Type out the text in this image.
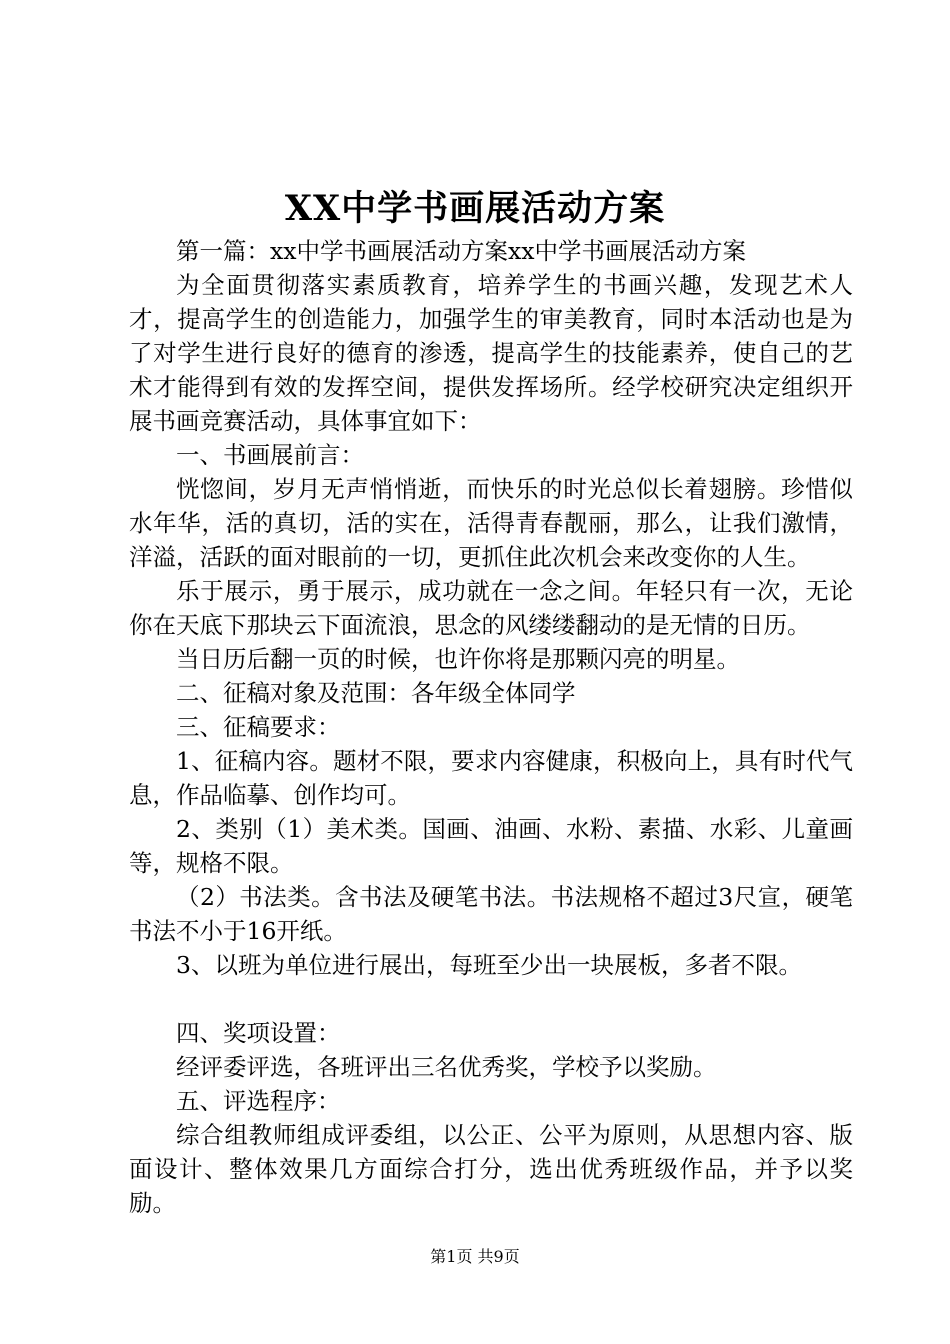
XX中学书画展活动方案

第一篇：xx中学书画展活动方案xx中学书画展活动方案

为全面贯彻落实素质教育，培养学生的书画兴趣，发现艺术人才，提高学生的创造能力，加强学生的审美教育，同时本活动也是为了对学生进行良好的德育的渗透，提高学生的技能素养，使自己的艺术才能得到有效的发挥空间，提供发挥场所。经学校研究决定组织开展书画竞赛活动，具体事宜如下：

一、书画展前言：

恍惚间，岁月无声悄悄逝，而快乐的时光总似长着翅膀。珍惜似水年华，活的真切，活的实在，活得青春靓丽，那么，让我们激情，洋溢，活跃的面对眼前的一切，更抓住此次机会来改变你的人生。

乐于展示，勇于展示，成功就在一念之间。年轻只有一次，无论你在天底下那块云下面流浪，思念的风缕缕翻动的是无情的日历。

当日历后翻一页的时候，也许你将是那颗闪亮的明星。

二、征稿对象及范围：各年级全体同学

三、征稿要求：

1、征稿内容。题材不限，要求内容健康，积极向上，具有时代气息，作品临摹、创作均可。

2、类别（1）美术类。国画、油画、水粉、素描、水彩、儿童画等，规格不限。

（2）书法类。含书法及硬笔书法。书法规格不超过3尺宣，硬笔书法不小于16开纸。

3、以班为单位进行展出，每班至少出一块展板，多者不限。

四、奖项设置：

经评委评选，各班评出三名优秀奖，学校予以奖励。

五、评选程序：

综合组教师组成评委组，以公正、公平为原则，从思想内容、版面设计、整体效果几方面综合打分，选出优秀班级作品，并予以奖励。

第1页 共9页
